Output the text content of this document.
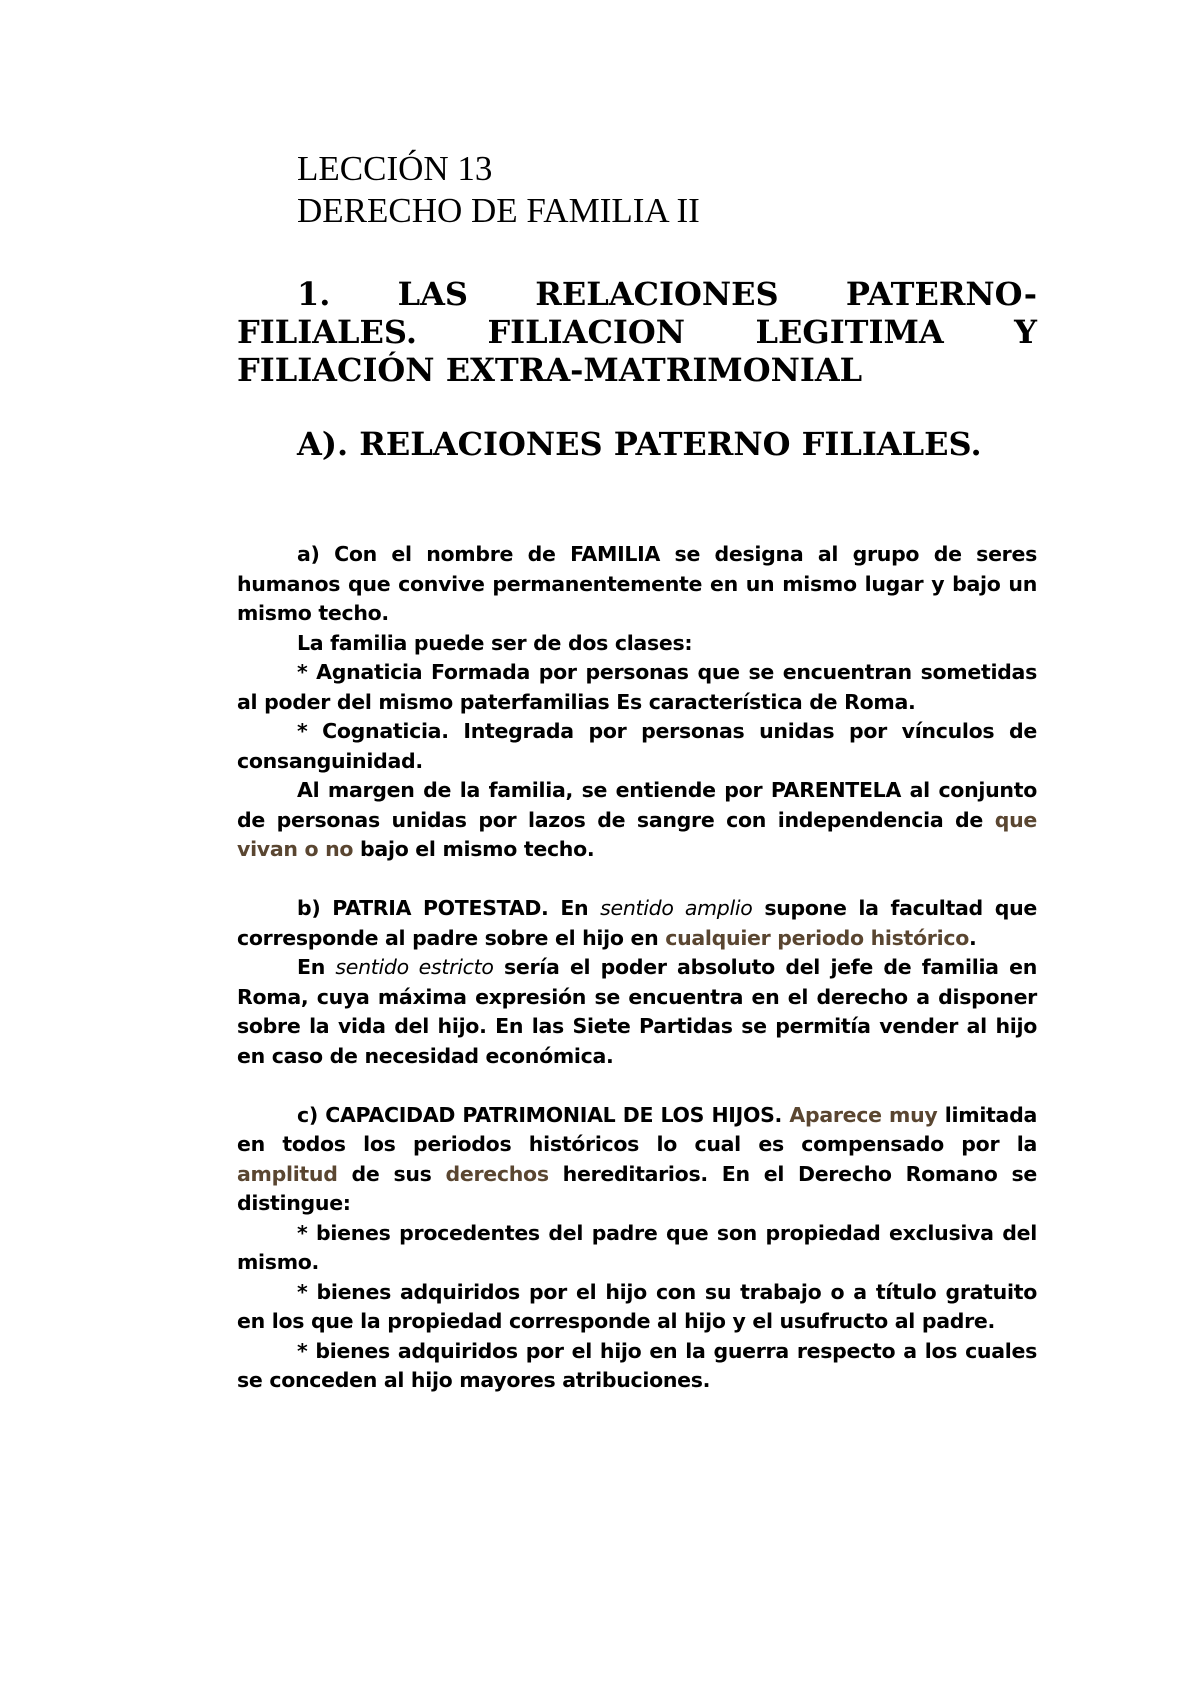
LECCIÓN 13
DERECHO DE FAMILIA II
1. LAS RELACIONES PATERNO-FILIALES. FILIACION LEGITIMA Y FILIACIÓN EXTRA-MATRIMONIAL
A). RELACIONES PATERNO FILIALES.

a) Con el nombre de FAMILIA se designa al grupo de seres humanos que convive permanentemente en un mismo lugar y bajo un mismo techo.

La familia puede ser de dos clases:

* Agnaticia Formada por personas que se encuentran sometidas al poder del mismo paterfamilias Es característica de Roma.

* Cognaticia. Integrada por personas unidas por vínculos de consanguinidad.

Al margen de la familia, se entiende por PARENTELA al conjunto de personas unidas por lazos de sangre con independencia de que vivan o no bajo el mismo techo.

b) PATRIA POTESTAD. En sentido amplio supone la facultad que corresponde al padre sobre el hijo en cualquier periodo histórico.

En sentido estricto sería el poder absoluto del jefe de familia en Roma, cuya máxima expresión se encuentra en el derecho a disponer sobre la vida del hijo. En las Siete Partidas se permitía vender al hijo en caso de necesidad económica.

c) CAPACIDAD PATRIMONIAL DE LOS HIJOS. Aparece muy limitada en todos los periodos históricos lo cual es compensado por la amplitud de sus derechos hereditarios. En el Derecho Romano se distingue:

* bienes procedentes del padre que son propiedad exclusiva del mismo.

* bienes adquiridos por el hijo con su trabajo o a título gratuito en los que la propiedad corresponde al hijo y el usufructo al padre.

* bienes adquiridos por el hijo en la guerra respecto a los cuales se conceden al hijo mayores atribuciones.
